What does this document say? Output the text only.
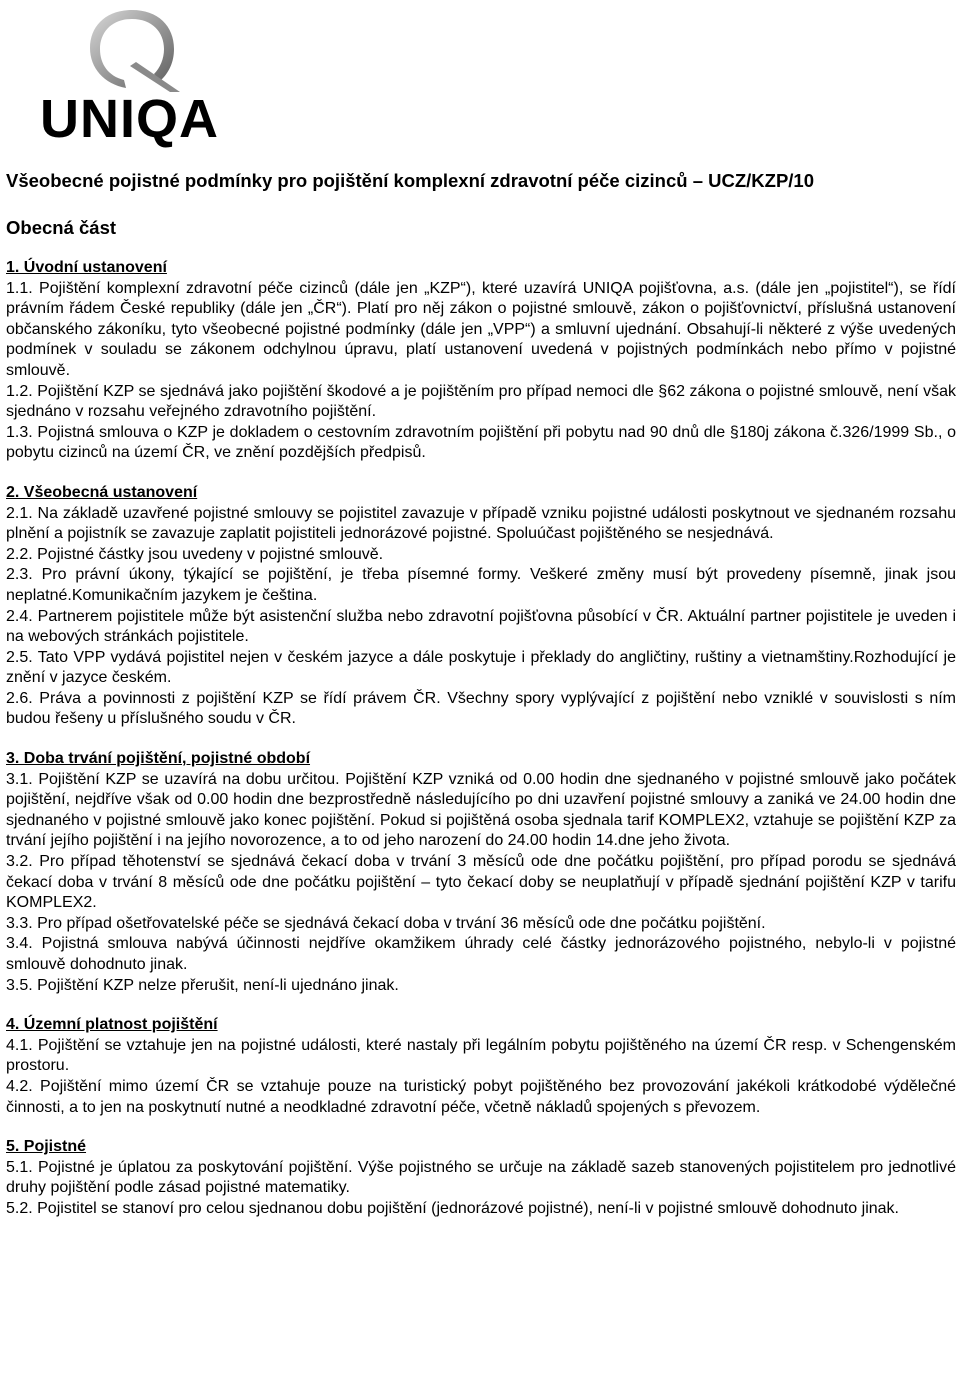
UNIQA
Všeobecné pojistné podmínky pro pojištění komplexní zdravotní péče cizinců – UCZ/KZP/10
Obecná část
1. Úvodní ustanovení

1.1. Pojištění komplexní zdravotní péče cizinců (dále jen „KZP“), které uzavírá UNIQA pojišťovna, a.s. (dále jen „pojistitel“), se řídí právním řádem České republiky (dále jen „ČR“). Platí pro něj zákon o pojistné smlouvě, zákon o pojišťovnictví, příslušná ustanovení občanského zákoníku, tyto všeobecné pojistné podmínky (dále jen „VPP“) a smluvní ujednání. Obsahují-li některé z výše uvedených podmínek v souladu se zákonem odchylnou úpravu, platí ustanovení uvedená v pojistných podmínkách nebo přímo v pojistné smlouvě.

1.2. Pojištění KZP se sjednává jako pojištění škodové a je pojištěním pro případ nemoci dle §62 zákona o pojistné smlouvě, není však sjednáno v rozsahu veřejného zdravotního pojištění.

1.3. Pojistná smlouva o KZP je dokladem o cestovním zdravotním pojištění při pobytu nad 90 dnů dle §180j zákona č.326/1999 Sb., o pobytu cizinců na území ČR, ve znění pozdějších předpisů.

2. Všeobecná ustanovení

2.1. Na základě uzavřené pojistné smlouvy se pojistitel zavazuje v případě vzniku pojistné události poskytnout ve sjednaném rozsahu plnění a pojistník se zavazuje zaplatit pojistiteli jednorázové pojistné. Spoluúčast pojištěného se nesjednává.

2.2. Pojistné částky jsou uvedeny v pojistné smlouvě.

2.3. Pro právní úkony, týkající se pojištění, je třeba písemné formy. Veškeré změny musí být provedeny písemně, jinak jsou neplatné.Komunikačním jazykem je čeština.

2.4. Partnerem pojistitele může být asistenční služba nebo zdravotní pojišťovna působící v ČR. Aktuální partner pojistitele je uveden i na webových stránkách pojistitele.

2.5. Tato VPP vydává pojistitel nejen v českém jazyce a dále poskytuje i překlady do angličtiny, ruštiny a vietnamštiny.Rozhodující je znění v jazyce českém.

2.6. Práva a povinnosti z pojištění KZP se řídí právem ČR. Všechny spory vyplývající z pojištění nebo vzniklé v souvislosti s ním budou řešeny u příslušného soudu v ČR.

3. Doba trvání pojištění, pojistné období

3.1. Pojištění KZP se uzavírá na dobu určitou. Pojištění KZP vzniká od 0.00 hodin dne sjednaného v pojistné smlouvě jako počátek pojištění, nejdříve však od 0.00 hodin dne bezprostředně následujícího po dni uzavření pojistné smlouvy a zaniká ve 24.00 hodin dne sjednaného v pojistné smlouvě jako konec pojištění. Pokud si pojištěná osoba sjednala tarif KOMPLEX2, vztahuje se pojištění KZP za trvání jejího pojištění i na jejího novorozence, a to od jeho narození do 24.00 hodin 14.dne jeho života.

3.2. Pro případ těhotenství se sjednává čekací doba v trvání 3 měsíců ode dne počátku pojištění, pro případ porodu se sjednává čekací doba v trvání 8 měsíců ode dne počátku pojištění – tyto čekací doby se neuplatňují v případě sjednání pojištění KZP v tarifu KOMPLEX2.

3.3. Pro případ ošetřovatelské péče se sjednává čekací doba v trvání 36 měsíců ode dne počátku pojištění.

3.4. Pojistná smlouva nabývá účinnosti nejdříve okamžikem úhrady celé částky jednorázového pojistného, nebylo-li v pojistné smlouvě dohodnuto jinak.

3.5. Pojištění KZP nelze přerušit, není-li ujednáno jinak.

4. Územní platnost pojištění

4.1. Pojištění se vztahuje jen na pojistné události, které nastaly při legálním pobytu pojištěného na území ČR resp. v Schengenském prostoru.

4.2. Pojištění mimo území ČR se vztahuje pouze na turistický pobyt pojištěného bez provozování jakékoli krátkodobé výdělečné činnosti, a to jen na poskytnutí nutné a neodkladné zdravotní péče, včetně nákladů spojených s převozem.

5. Pojistné

5.1. Pojistné je úplatou za poskytování pojištění. Výše pojistného se určuje na základě sazeb stanovených pojistitelem pro jednotlivé druhy pojištění podle zásad pojistné matematiky.

5.2. Pojistitel se stanoví pro celou sjednanou dobu pojištění (jednorázové pojistné), není-li v pojistné smlouvě dohodnuto jinak.
